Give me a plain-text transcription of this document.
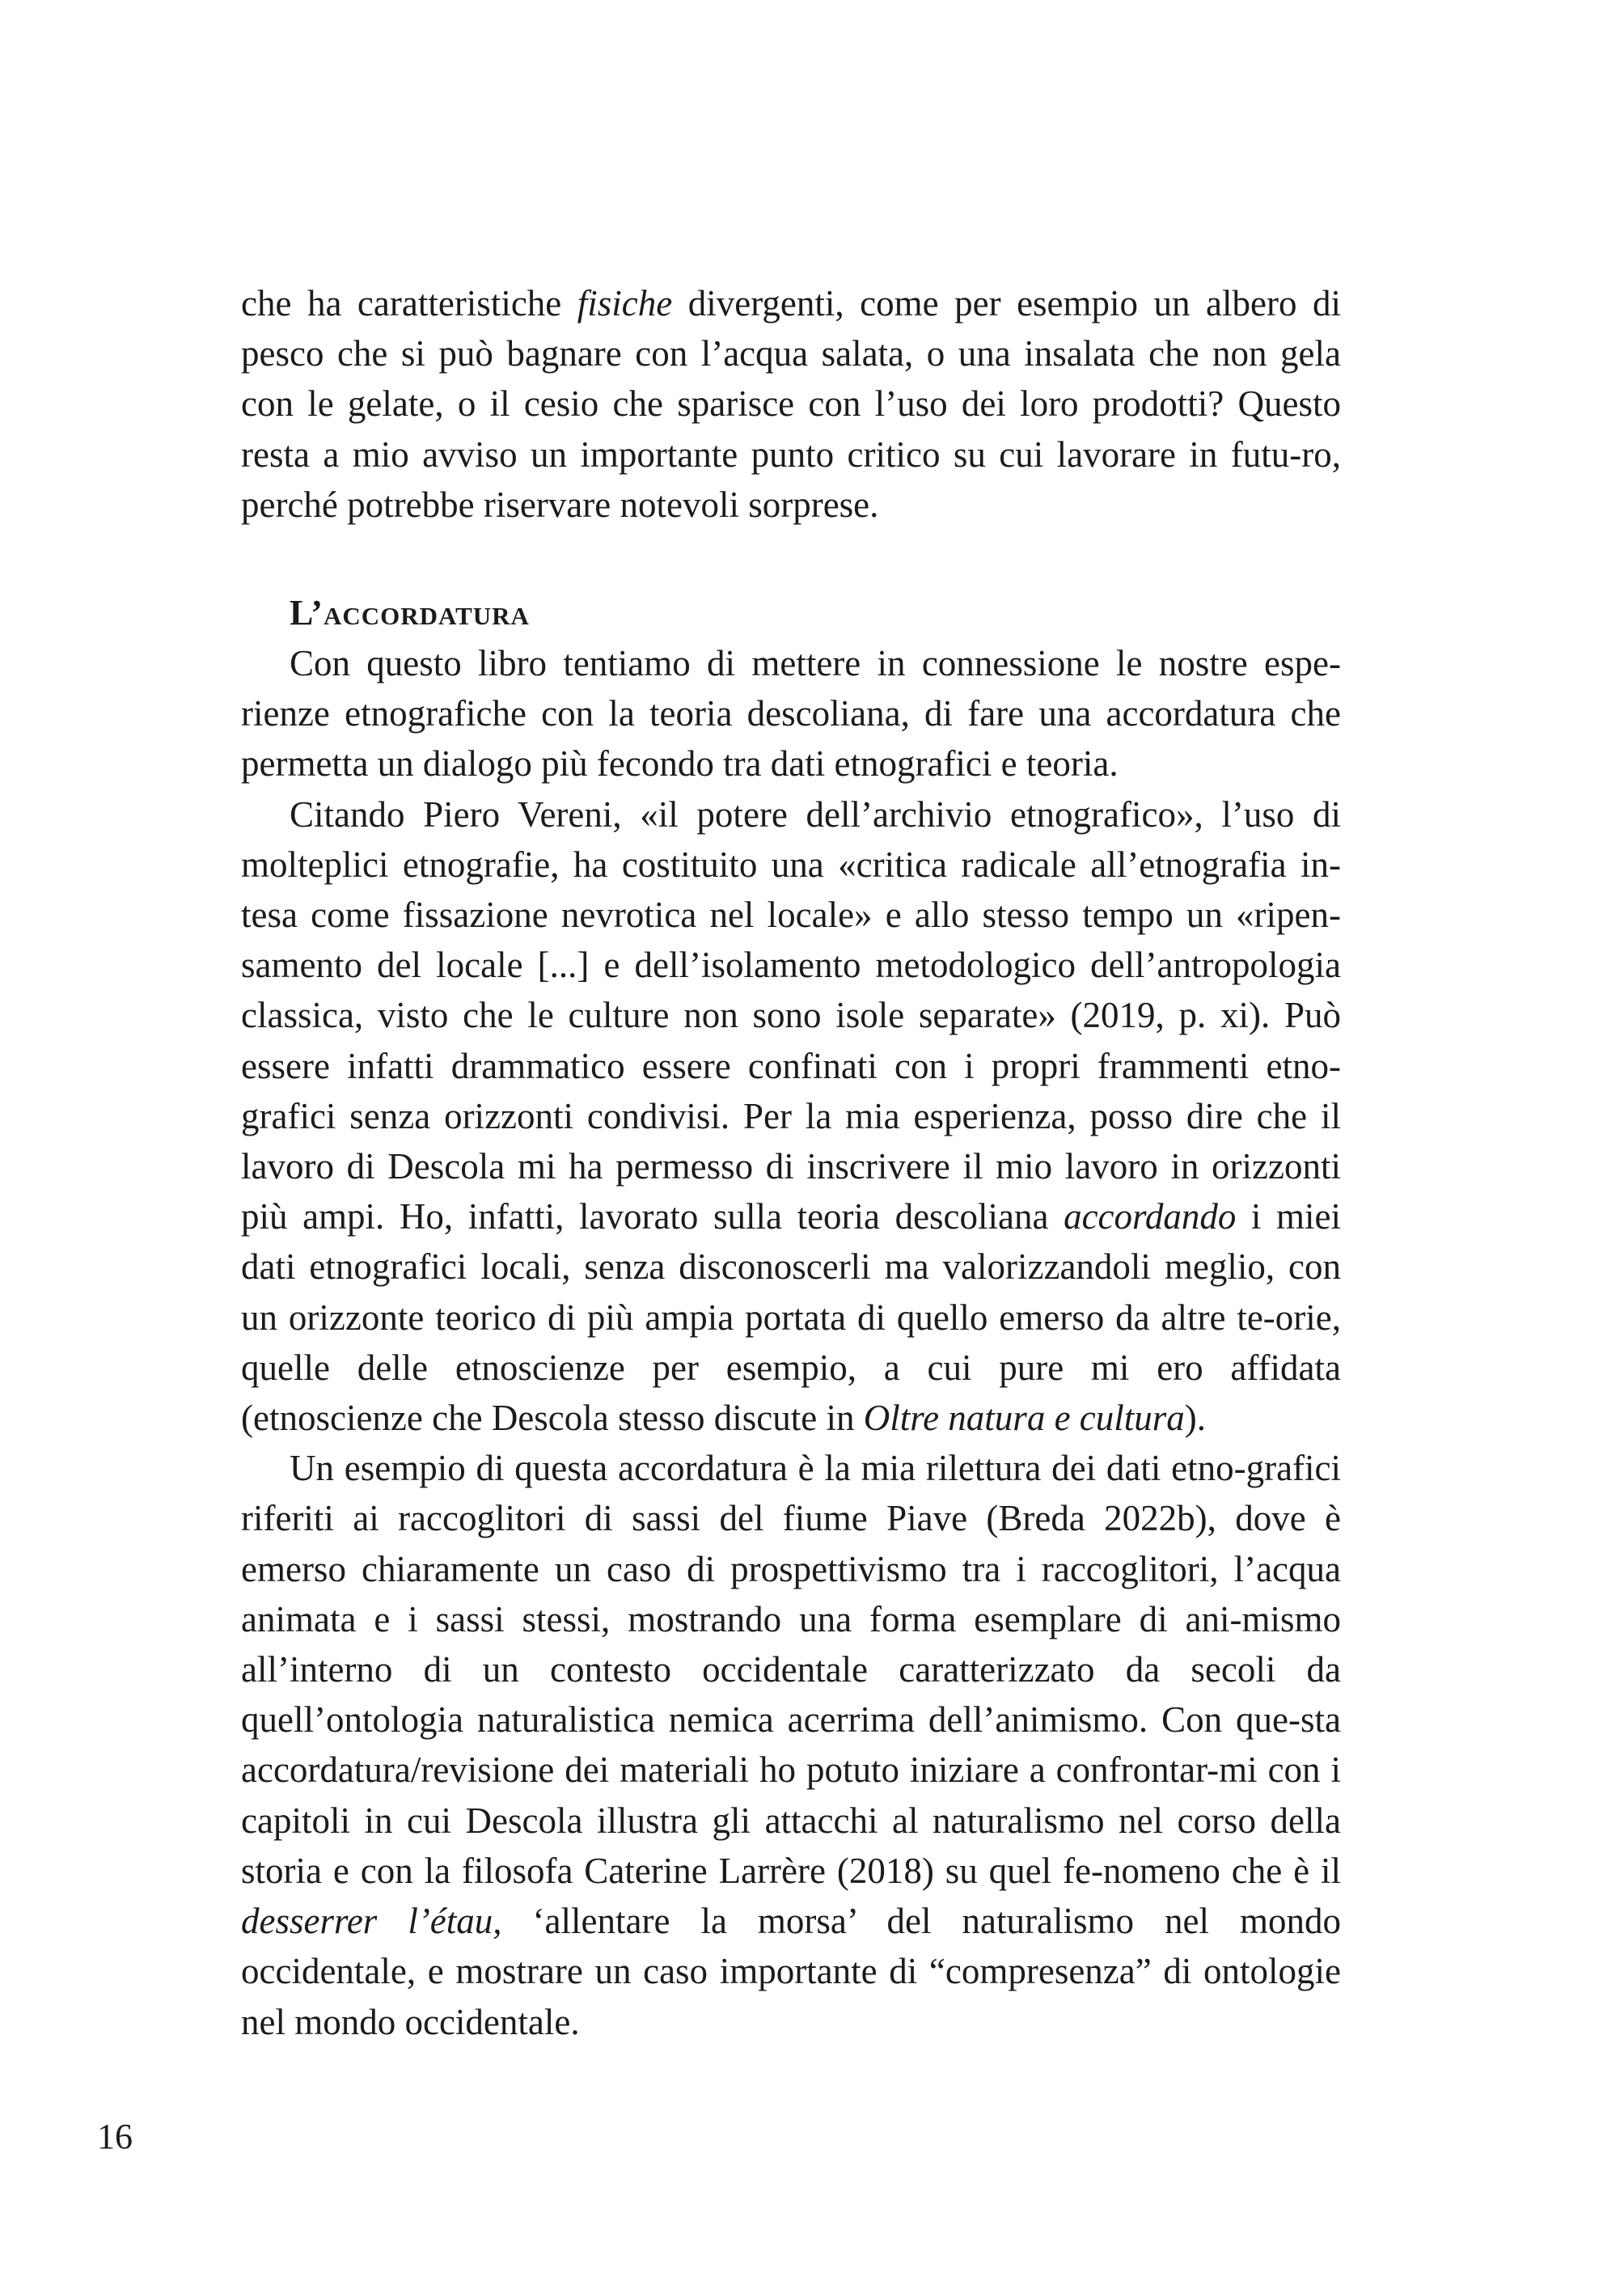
che ha caratteristiche fisiche divergenti, come per esempio un albero di pesco che si può bagnare con l’acqua salata, o una insalata che non gela con le gelate, o il cesio che sparisce con l’uso dei loro prodotti? Questo resta a mio avviso un importante punto critico su cui lavorare in futu-ro, perché potrebbe riservare notevoli sorprese.

L’accordatura

Con questo libro tentiamo di mettere in connessione le nostre espe-rienze etnografiche con la teoria descoliana, di fare una accordatura che permetta un dialogo più fecondo tra dati etnografici e teoria.

Citando Piero Vereni, «il potere dell’archivio etnografico», l’uso di molteplici etnografie, ha costituito una «critica radicale all’etnografia in-tesa come fissazione nevrotica nel locale» e allo stesso tempo un «ripen-samento del locale [...] e dell’isolamento metodologico dell’antropologia classica, visto che le culture non sono isole separate» (2019, p. xi). Può essere infatti drammatico essere confinati con i propri frammenti etno-grafici senza orizzonti condivisi. Per la mia esperienza, posso dire che il lavoro di Descola mi ha permesso di inscrivere il mio lavoro in orizzonti più ampi. Ho, infatti, lavorato sulla teoria descoliana accordando i miei dati etnografici locali, senza disconoscerli ma valorizzandoli meglio, con un orizzonte teorico di più ampia portata di quello emerso da altre te-orie, quelle delle etnoscienze per esempio, a cui pure mi ero affidata (etnoscienze che Descola stesso discute in Oltre natura e cultura).

Un esempio di questa accordatura è la mia rilettura dei dati etno-grafici riferiti ai raccoglitori di sassi del fiume Piave (Breda 2022b), dove è emerso chiaramente un caso di prospettivismo tra i raccoglitori, l’acqua animata e i sassi stessi, mostrando una forma esemplare di ani-mismo all’interno di un contesto occidentale caratterizzato da secoli da quell’ontologia naturalistica nemica acerrima dell’animismo. Con que-sta accordatura/revisione dei materiali ho potuto iniziare a confrontar-mi con i capitoli in cui Descola illustra gli attacchi al naturalismo nel corso della storia e con la filosofa Caterine Larrère (2018) su quel fe-nomeno che è il desserrer l’étau, ‘allentare la morsa’ del naturalismo nel mondo occidentale, e mostrare un caso importante di “compresenza” di ontologie nel mondo occidentale.

16
